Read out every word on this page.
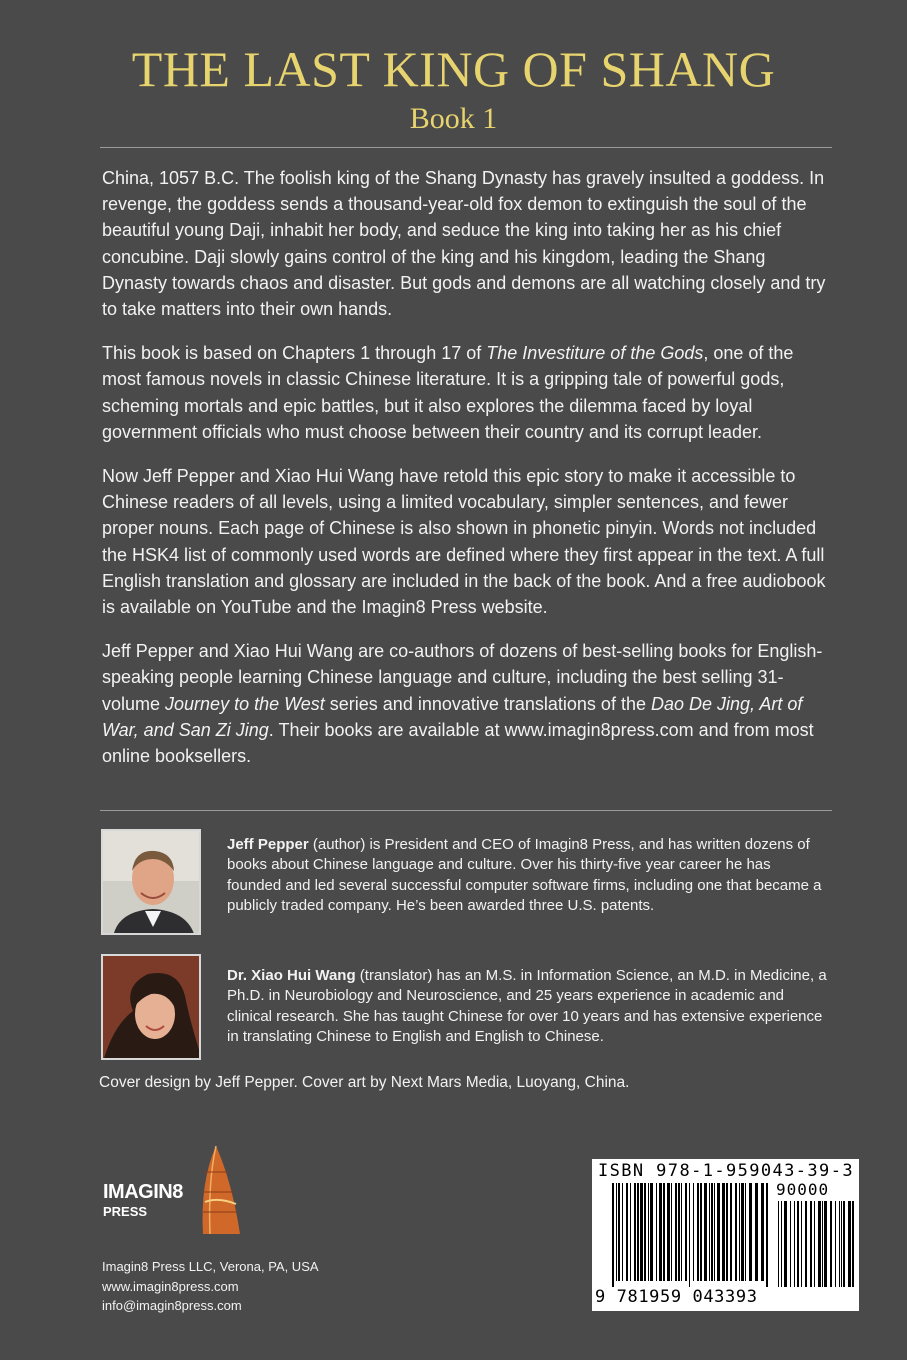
THE LAST KING OF SHANG
Book 1

China, 1057 B.C. The foolish king of the Shang Dynasty has gravely insulted a goddess. In revenge, the goddess sends a thousand-year-old fox demon to extinguish the soul of the beautiful young Daji, inhabit her body, and seduce the king into taking her as his chief concubine. Daji slowly gains control of the king and his kingdom, leading the Shang Dynasty towards chaos and disaster. But gods and demons are all watching closely and try to take matters into their own hands.

This book is based on Chapters 1 through 17 of The Investiture of the Gods, one of the most famous novels in classic Chinese literature. It is a gripping tale of powerful gods, scheming mortals and epic battles, but it also explores the dilemma faced by loyal government officials who must choose between their country and its corrupt leader.

Now Jeff Pepper and Xiao Hui Wang have retold this epic story to make it accessible to Chinese readers of all levels, using a limited vocabulary, simpler sentences, and fewer proper nouns. Each page of Chinese is also shown in phonetic pinyin. Words not included the HSK4 list of commonly used words are defined where they first appear in the text. A full English translation and glossary are included in the back of the book. And a free audiobook is available on YouTube and the Imagin8 Press website.

Jeff Pepper and Xiao Hui Wang are co-authors of dozens of best-selling books for English-speaking people learning Chinese language and culture, including the best selling 31-volume Journey to the West series and innovative translations of the Dao De Jing, Art of War, and San Zi Jing. Their books are available at www.imagin8press.com and from most online booksellers.

Jeff Pepper (author) is President and CEO of Imagin8 Press, and has written dozens of books about Chinese language and culture. Over his thirty-five year career he has founded and led several successful computer software firms, including one that became a publicly traded company. He’s been awarded three U.S. patents.
Dr. Xiao Hui Wang (translator) has an M.S. in Information Science, an M.D. in Medicine, a Ph.D. in Neurobiology and Neuroscience, and 25 years experience in academic and clinical research. She has taught Chinese for over 10 years and has extensive experience in translating Chinese to English and English to Chinese.
Cover design by Jeff Pepper. Cover art by Next Mars Media, Luoyang, China.
IMAGIN8
PRESS
Imagin8 Press LLC, Verona, PA, USA
www.imagin8press.com
info@imagin8press.com
ISBN 978-1-959043-39-3
90000
9 781959 043393
